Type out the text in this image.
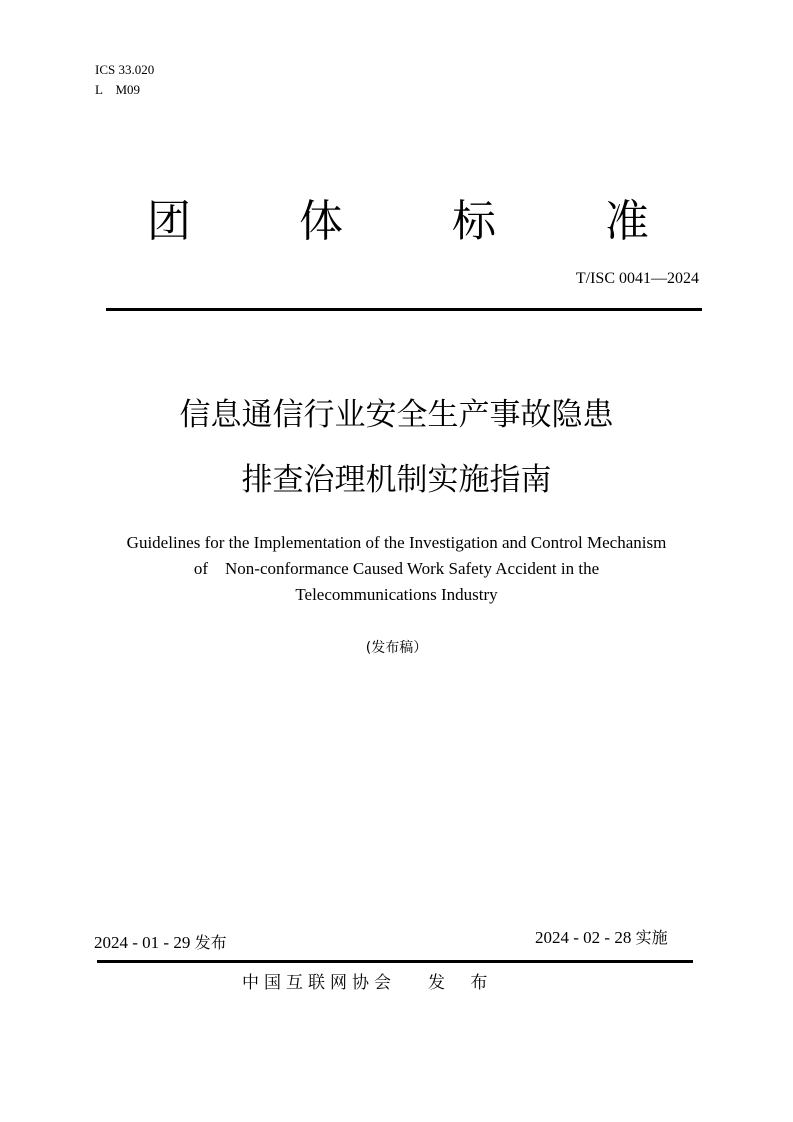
ICS 33.020
L    M09
团 体 标 准
T/ISC 0041—2024
信息通信行业安全生产事故隐患
排查治理机制实施指南
Guidelines for the Implementation of the Investigation and Control Mechanism
of    Non-conformance Caused Work Safety Accident in the
Telecommunications Industry
(发布稿）
2024 - 01 - 29 发布	2024 - 02 - 28 实施
中国互联网协会 发 布
